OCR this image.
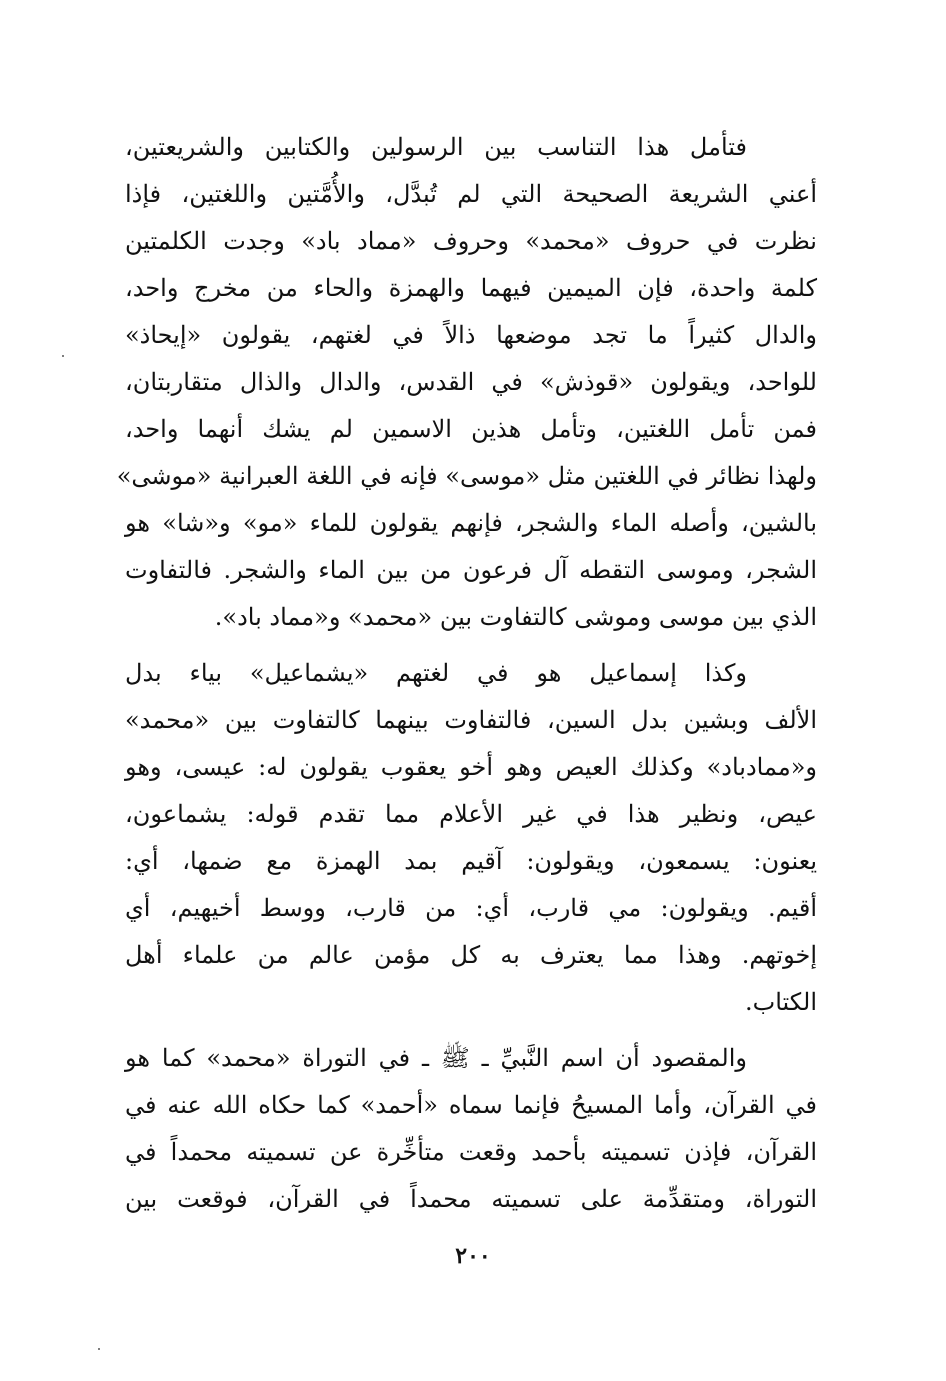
فتأمل هذا التناسب بين الرسولين والكتابين والشريعتين،
أعني الشريعة الصحيحة التي لم تُبدَّل، والأُمَّتين واللغتين، فإذا
نظرت في حروف «محمد» وحروف «مماد باد» وجدت الكلمتين
كلمة واحدة، فإن الميمين فيهما والهمزة والحاء من مخرج واحد،
والدال كثيراً ما تجد موضعها ذالاً في لغتهم، يقولون «إيحاذ»
للواحد، ويقولون «قوذش» في القدس، والدال والذال متقاربتان،
فمن تأمل اللغتين، وتأمل هذين الاسمين لم يشك أنهما واحد،
ولهذا نظائر في اللغتين مثل «موسى» فإنه في اللغة العبرانية «موشى»
بالشين، وأصله الماء والشجر، فإنهم يقولون للماء «مو» و«شا» هو
الشجر، وموسى التقطه آل فرعون من بين الماء والشجر. فالتفاوت
الذي بين موسى وموشى كالتفاوت بين «محمد» و«مماد باد».
وكذا إسماعيل هو في لغتهم «يشماعيل» بياء بدل
الألف وبشين بدل السين، فالتفاوت بينهما كالتفاوت بين «محمد»
و«ممادباد» وكذلك العيص وهو أخو يعقوب يقولون له: عيسى، وهو
عيص، ونظير هذا في غير الأعلام مما تقدم قوله: يشماعون،
يعنون: يسمعون، ويقولون: آقيم بمد الهمزة مع ضمها، أي:
أقيم. ويقولون: مي قارب، أي: من قارب، ووسط أخيهيم، أي
إخوتهم. وهذا مما يعترف به كل مؤمن عالم من علماء أهل
الكتاب.
والمقصود أن اسم النَّبيِّ ـ ﷺ ـ في التوراة «محمد» كما هو
في القرآن، وأما المسيحُ فإنما سماه «أحمد» كما حكاه الله عنه في
القرآن، فإذن تسميته بأحمد وقعت متأخِّرة عن تسميته محمداً في
التوراة، ومتقدِّمة على تسميته محمداً في القرآن، فوقعت بين
٢٠٠
